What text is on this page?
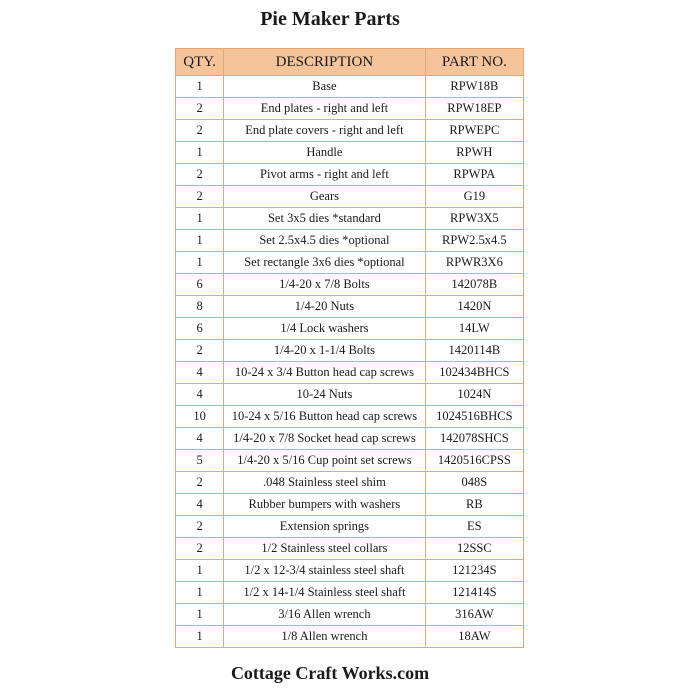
Pie Maker Parts
QTY.	DESCRIPTION	PART NO.
1	Base	RPW18B
2	End plates - right and left	RPW18EP
2	End plate covers - right and left	RPWEPC
1	Handle	RPWH
2	Pivot arms - right and left	RPWPA
2	Gears	G19
1	Set 3x5 dies *standard	RPW3X5
1	Set 2.5x4.5 dies *optional	RPW2.5x4.5
1	Set rectangle 3x6 dies *optional	RPWR3X6
6	1/4-20 x 7/8 Bolts	142078B
8	1/4-20 Nuts	1420N
6	1/4 Lock washers	14LW
2	1/4-20 x 1-1/4 Bolts	1420114B
4	10-24 x 3/4 Button head cap screws	102434BHCS
4	10-24 Nuts	1024N
10	10-24 x 5/16 Button head cap screws	1024516BHCS
4	1/4-20 x 7/8 Socket head cap screws	142078SHCS
5	1/4-20 x 5/16 Cup point set screws	1420516CPSS
2	.048 Stainless steel shim	048S
4	Rubber bumpers with washers	RB
2	Extension springs	ES
2	1/2 Stainless steel collars	12SSC
1	1/2 x 12-3/4 stainless steel shaft	121234S
1	1/2 x 14-1/4 Stainless steel shaft	121414S
1	3/16 Allen wrench	316AW
1	1/8 Allen wrench	18AW
Cottage Craft Works.com
